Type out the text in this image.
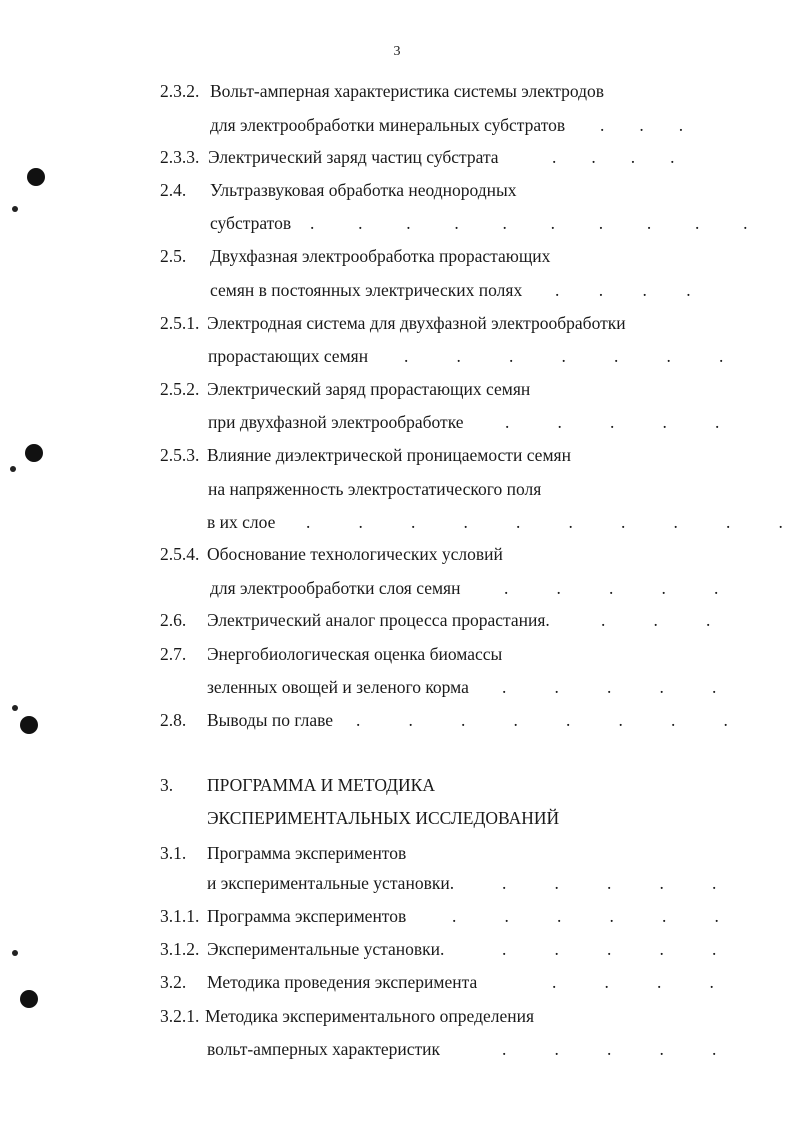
3
2.3.2. Вольт-амперная характеристика системы электродов
для электрообработки минеральных субстратов .        .        .
2.3.3. Электрический заряд частиц субстрата	.        .        .        .
2.4. Ультразвуковая обработка неоднородных
субстратов .          .          .          .          .          .          .          .          .          .
2.5. Двухфазная электрообработка прорастающих
семян в постоянных электрических полях .         .         .         .
2.5.1. Электродная система для двухфазной электрообработки
прорастающих семян .           .           .           .           .           .           .
2.5.2. Электрический заряд прорастающих семян
при двухфазной электрообработке .           .           .           .           .
2.5.3. Влияние диэлектрической проницаемости семян
на напряженность электростатического поля
в их слое .           .           .           .           .           .           .           .           .           .
2.5.4. Обоснование технологических условий
для электрообработки слоя семян .           .           .           .           .
2.6. Электрический аналог процесса прорастания.	.           .           .
2.7. Энергобиологическая оценка биомассы
зеленных овощей и зеленого корма .           .           .           .           .
2.8. Выводы по главе .           .           .           .           .           .           .           .
3. ПРОГРАММА И МЕТОДИКА
ЭКСПЕРИМЕНТАЛЬНЫХ ИССЛЕДОВАНИЙ
3.1. Программа экспериментов
и экспериментальные установки.	.           .           .           .           .
3.1.1. Программа экспериментов	.           .           .           .           .           .
3.1.2. Экспериментальные установки.	.           .           .           .           .
3.2. Методика проведения эксперимента	.           .           .           .
3.2.1. Методика экспериментального определения
вольт-амперных характеристик	.           .           .           .           .
